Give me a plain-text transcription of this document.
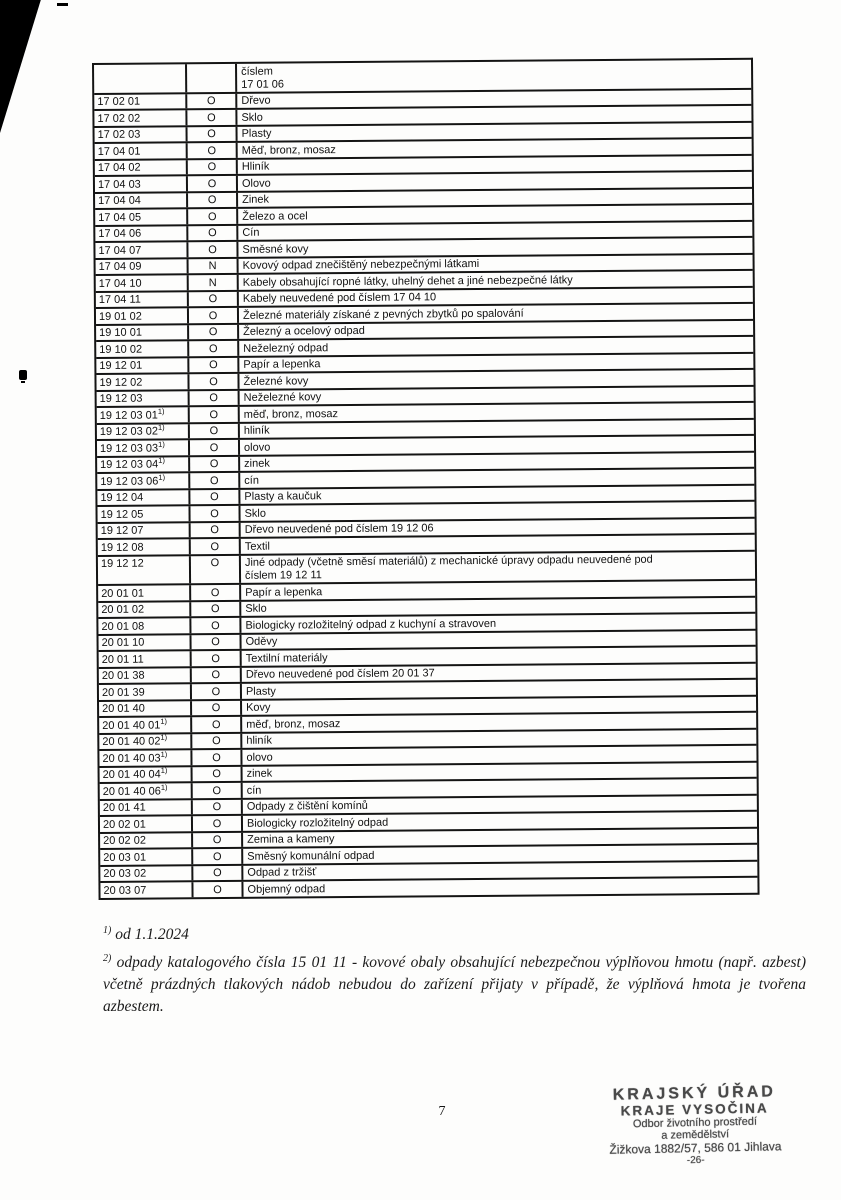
číslem
17 01 06
17 02 01	O	Dřevo
17 02 02	O	Sklo
17 02 03	O	Plasty
17 04 01	O	Měď, bronz, mosaz
17 04 02	O	Hliník
17 04 03	O	Olovo
17 04 04	O	Zinek
17 04 05	O	Železo a ocel
17 04 06	O	Cín
17 04 07	O	Směsné kovy
17 04 09	N	Kovový odpad znečištěný nebezpečnými látkami
17 04 10	N	Kabely obsahující ropné látky, uhelný dehet a jiné nebezpečné látky
17 04 11	O	Kabely neuvedené pod číslem 17 04 10
19 01 02	O	Železné materiály získané z pevných zbytků po spalování
19 10 01	O	Železný a ocelový odpad
19 10 02	O	Neželezný odpad
19 12 01	O	Papír a lepenka
19 12 02	O	Železné kovy
19 12 03	O	Neželezné kovy
19 12 03 01$^{1)}$	O	měď, bronz, mosaz
19 12 03 02$^{1)}$	O	hliník
19 12 03 03$^{1)}$	O	olovo
19 12 03 04$^{1)}$	O	zinek
19 12 03 06$^{1)}$	O	cín
19 12 04	O	Plasty a kaučuk
19 12 05	O	Sklo
19 12 07	O	Dřevo neuvedené pod číslem 19 12 06
19 12 08	O	Textil
19 12 12	O	Jiné odpady (včetně směsí materiálů) z mechanické úpravy odpadu neuvedené pod
číslem 19 12 11
20 01 01	O	Papír a lepenka
20 01 02	O	Sklo
20 01 08	O	Biologicky rozložitelný odpad z kuchyní a stravoven
20 01 10	O	Oděvy
20 01 11	O	Textilní materiály
20 01 38	O	Dřevo neuvedené pod číslem 20 01 37
20 01 39	O	Plasty
20 01 40	O	Kovy
20 01 40 01$^{1)}$	O	měď, bronz, mosaz
20 01 40 02$^{1)}$	O	hliník
20 01 40 03$^{1)}$	O	olovo
20 01 40 04$^{1)}$	O	zinek
20 01 40 06$^{1)}$	O	cín
20 01 41	O	Odpady z čištění komínů
20 02 01	O	Biologicky rozložitelný odpad
20 02 02	O	Zemina a kameny
20 03 01	O	Směsný komunální odpad
20 03 02	O	Odpad z tržišť
20 03 07	O	Objemný odpad

$^{1)}$ od 1.1.2024

$^{2)}$ odpady katalogového čísla 15 01 11 - kovové obaly obsahující nebezpečnou výplňovou hmotu (např. azbest) včetně prázdných tlakových nádob nebudou do zařízení přijaty v případě, že výplňová hmota je tvořena azbestem.

7
KRAJSKÝ ÚŘAD
KRAJE VYSOČINA
Odbor životního prostředí
a zemědělství
Žižkova 1882/57, 586 01 Jihlava
-26-
